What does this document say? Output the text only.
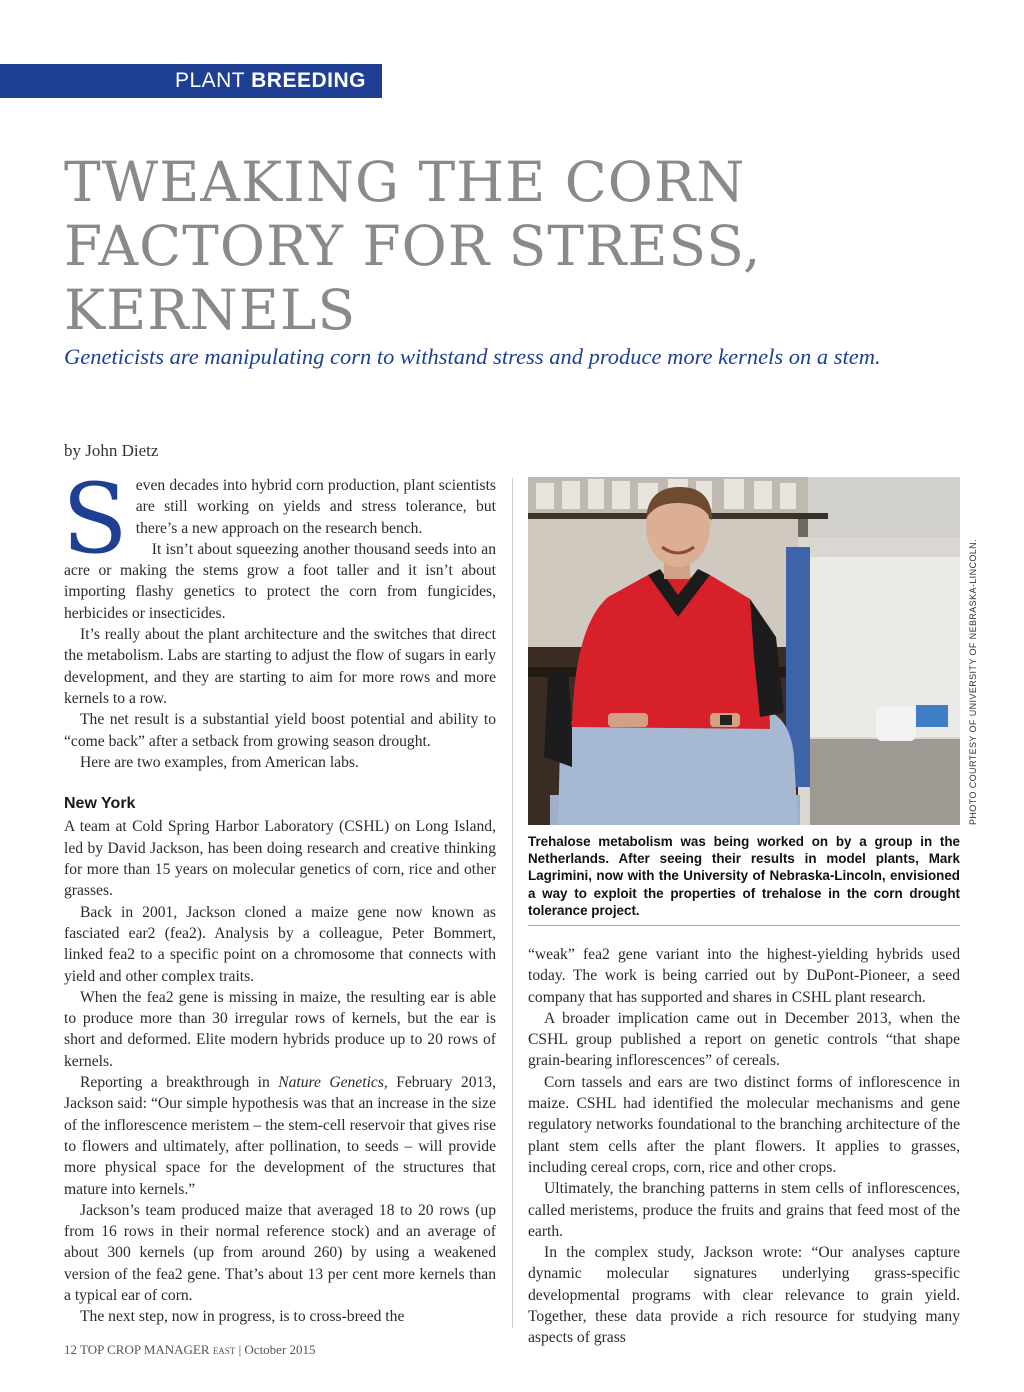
PLANT BREEDING
TWEAKING THE CORN FACTORY FOR STRESS, KERNELS

Geneticists are manipulating corn to withstand stress and produce more kernels on a stem.

by John Dietz

Seven decades into hybrid corn production, plant scientists are still working on yields and stress tolerance, but there’s a new approach on the research bench.

It isn’t about squeezing another thousand seeds into an acre or making the stems grow a foot taller and it isn’t about importing flashy genetics to protect the corn from fungicides, herbicides or insecticides.

It’s really about the plant architecture and the switches that direct the metabolism. Labs are starting to adjust the flow of sugars in early development, and they are starting to aim for more rows and more kernels to a row.

The net result is a substantial yield boost potential and ability to “come back” after a setback from growing season drought.

Here are two examples, from American labs.

New York

A team at Cold Spring Harbor Laboratory (CSHL) on Long Island, led by David Jackson, has been doing research and creative thinking for more than 15 years on molecular genetics of corn, rice and other grasses.

Back in 2001, Jackson cloned a maize gene now known as fasciated ear2 (fea2). Analysis by a colleague, Peter Bommert, linked fea2 to a specific point on a chromosome that connects with yield and other complex traits.

When the fea2 gene is missing in maize, the resulting ear is able to produce more than 30 irregular rows of kernels, but the ear is short and deformed. Elite modern hybrids produce up to 20 rows of kernels.

Reporting a breakthrough in Nature Genetics, February 2013, Jackson said: “Our simple hypothesis was that an increase in the size of the inflorescence meristem – the stem-cell reservoir that gives rise to flowers and ultimately, after pollination, to seeds – will provide more physical space for the development of the structures that mature into kernels.”

Jackson’s team produced maize that averaged 18 to 20 rows (up from 16 rows in their normal reference stock) and an average of about 300 kernels (up from around 260) by using a weakened version of the fea2 gene. That’s about 13 per cent more kernels than a typical ear of corn.

The next step, now in progress, is to cross-breed the

PHOTO COURTESY OF UNIVERSITY OF NEBRASKA-LINCOLN.

Trehalose metabolism was being worked on by a group in the Netherlands. After seeing their results in model plants, Mark Lagrimini, now with the University of Nebraska-Lincoln, envisioned a way to exploit the properties of trehalose in the corn drought tolerance project.

“weak” fea2 gene variant into the highest-yielding hybrids used today. The work is being carried out by DuPont-Pioneer, a seed company that has supported and shares in CSHL plant research.

A broader implication came out in December 2013, when the CSHL group published a report on genetic controls “that shape grain-bearing inflorescences” of cereals.

Corn tassels and ears are two distinct forms of inflorescence in maize. CSHL had identified the molecular mechanisms and gene regulatory networks foundational to the branching architecture of the plant stem cells after the plant flowers. It applies to grasses, including cereal crops, corn, rice and other crops.

Ultimately, the branching patterns in stem cells of inflorescences, called meristems, produce the fruits and grains that feed most of the earth.

In the complex study, Jackson wrote: “Our analyses capture dynamic molecular signatures underlying grass-specific developmental programs with clear relevance to grain yield. Together, these data provide a rich resource for studying many aspects of grass

12 TOP CROP MANAGER EAST | October 2015
